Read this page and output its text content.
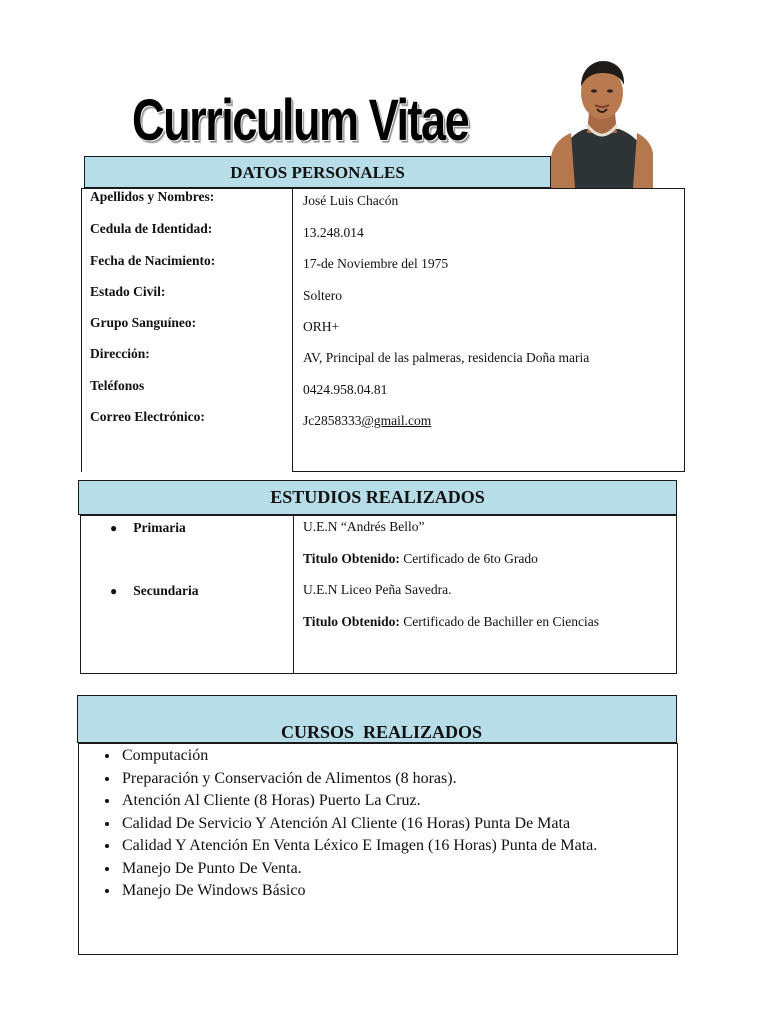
Curriculum Vitae
DATOS PERSONALES
Apellidos y Nombres:
Cedula de Identidad:
Fecha de Nacimiento:
Estado Civil:
Grupo Sanguíneo:
Dirección:
Teléfonos
Correo Electrónico:
José Luis Chacón
13.248.014
17-de Noviembre del 1975
Soltero
ORH+
AV, Principal de las palmeras, residencia Doña maria
0424.958.04.81
Jc2858333@gmail.com
ESTUDIOS REALIZADOS
● Primaria
● Secundaria
U.E.N “Andrés Bello”
Titulo Obtenido: Certificado de 6to Grado
U.E.N Liceo Peña Savedra.
Titulo Obtenido: Certificado de Bachiller en Ciencias

CURSOS  REALIZADOS

• Computación
• Preparación y Conservación de Alimentos (8 horas).
• Atención Al Cliente (8 Horas) Puerto La Cruz.
• Calidad De Servicio Y Atención Al Cliente (16 Horas) Punta De Mata
• Calidad Y Atención En Venta Léxico E Imagen (16 Horas) Punta de Mata.
• Manejo De Punto De Venta.
• Manejo De Windows Básico
